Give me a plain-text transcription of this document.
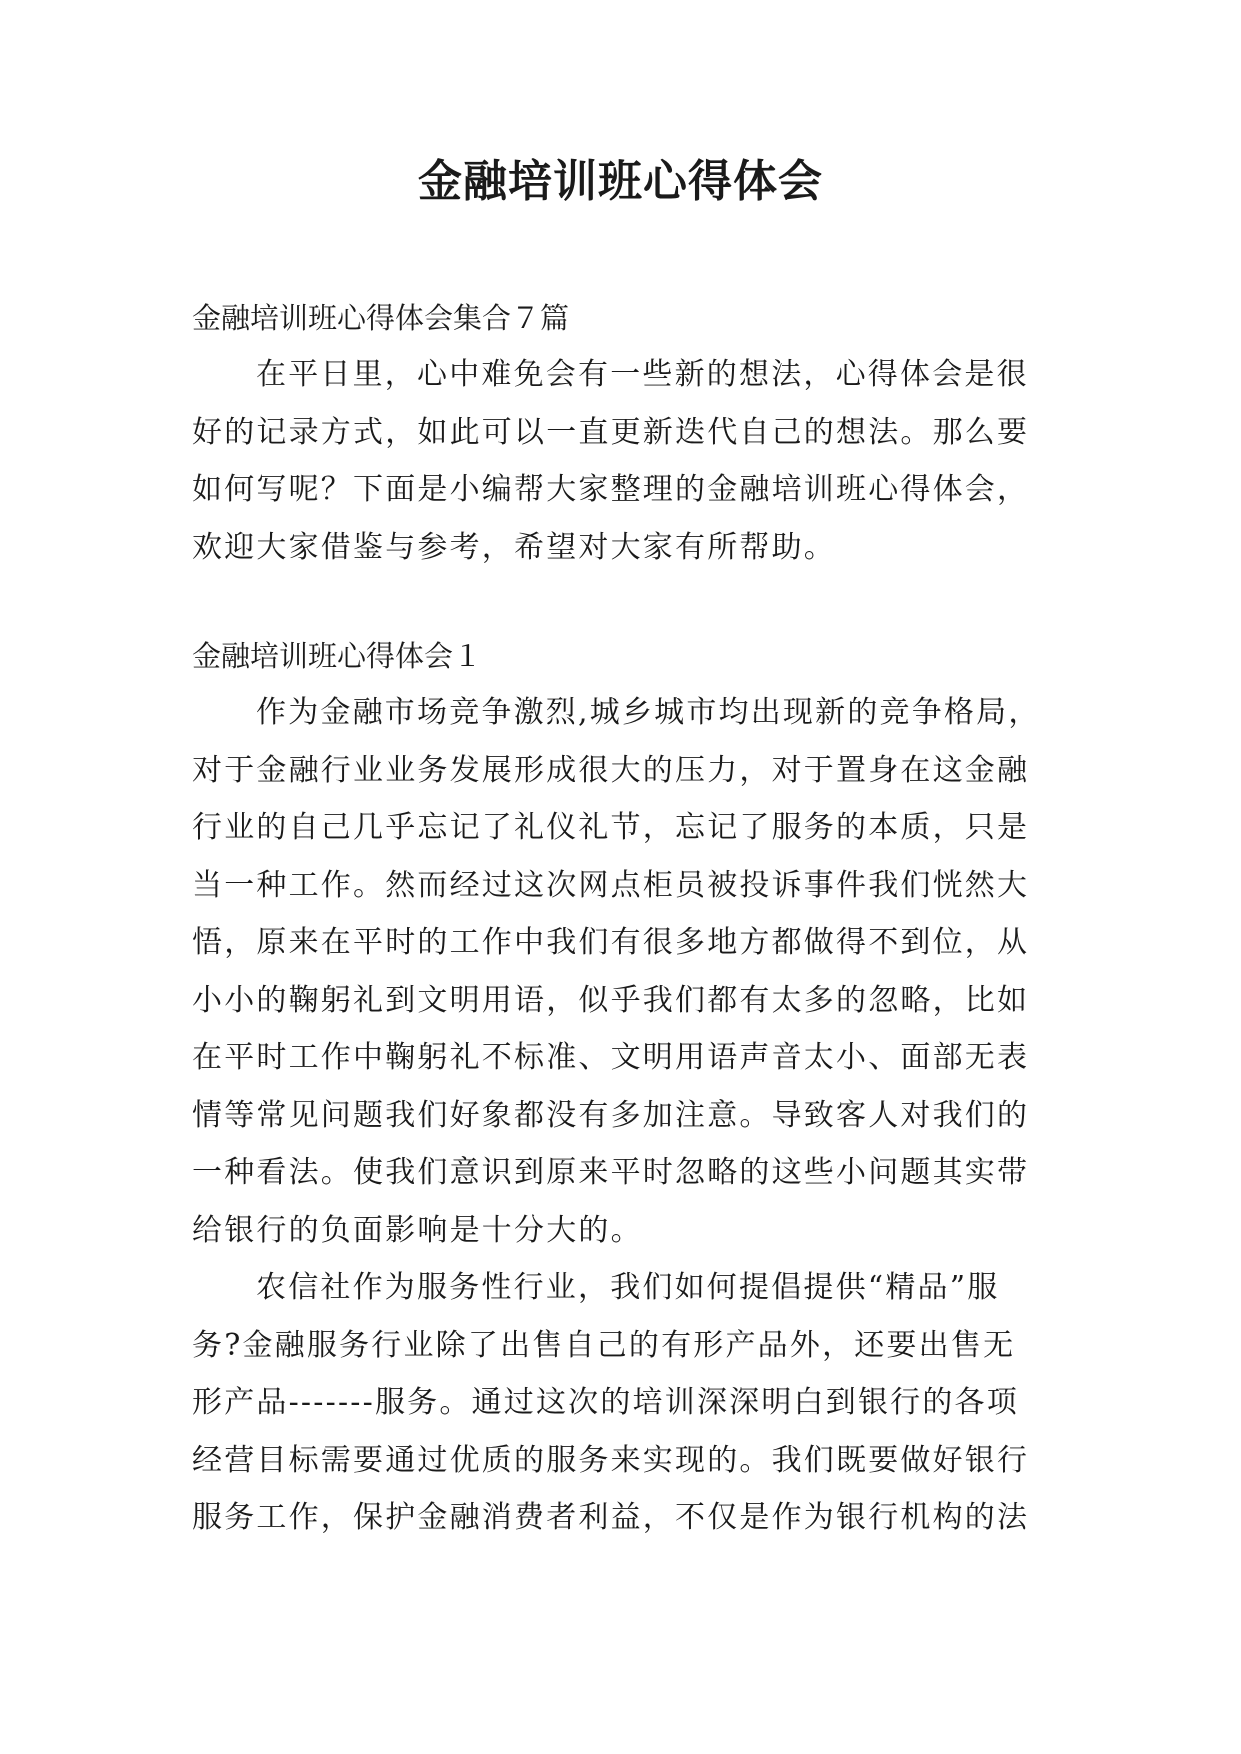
金融培训班心得体会

金融培训班心得体会集合７篇

在平日里，心中难免会有一些新的想法，心得体会是很
好的记录方式，如此可以一直更新迭代自己的想法。那么要
如何写呢？下面是小编帮大家整理的金融培训班心得体会，
欢迎大家借鉴与参考，希望对大家有所帮助。

金融培训班心得体会１

作为金融市场竞争激烈,城乡城市均出现新的竞争格局，
对于金融行业业务发展形成很大的压力，对于置身在这金融
行业的自己几乎忘记了礼仪礼节，忘记了服务的本质，只是
当一种工作。然而经过这次网点柜员被投诉事件我们恍然大
悟，原来在平时的工作中我们有很多地方都做得不到位，从
小小的鞠躬礼到文明用语，似乎我们都有太多的忽略，比如
在平时工作中鞠躬礼不标准、文明用语声音太小、面部无表
情等常见问题我们好象都没有多加注意。导致客人对我们的
一种看法。使我们意识到原来平时忽略的这些小问题其实带
给银行的负面影响是十分大的。
农信社作为服务性行业，我们如何提倡提供“精品”服
务?金融服务行业除了出售自己的有形产品外，还要出售无
形产品-------服务。通过这次的培训深深明白到银行的各项
经营目标需要通过优质的服务来实现的。我们既要做好银行
服务工作，保护金融消费者利益，不仅是作为银行机构的法
